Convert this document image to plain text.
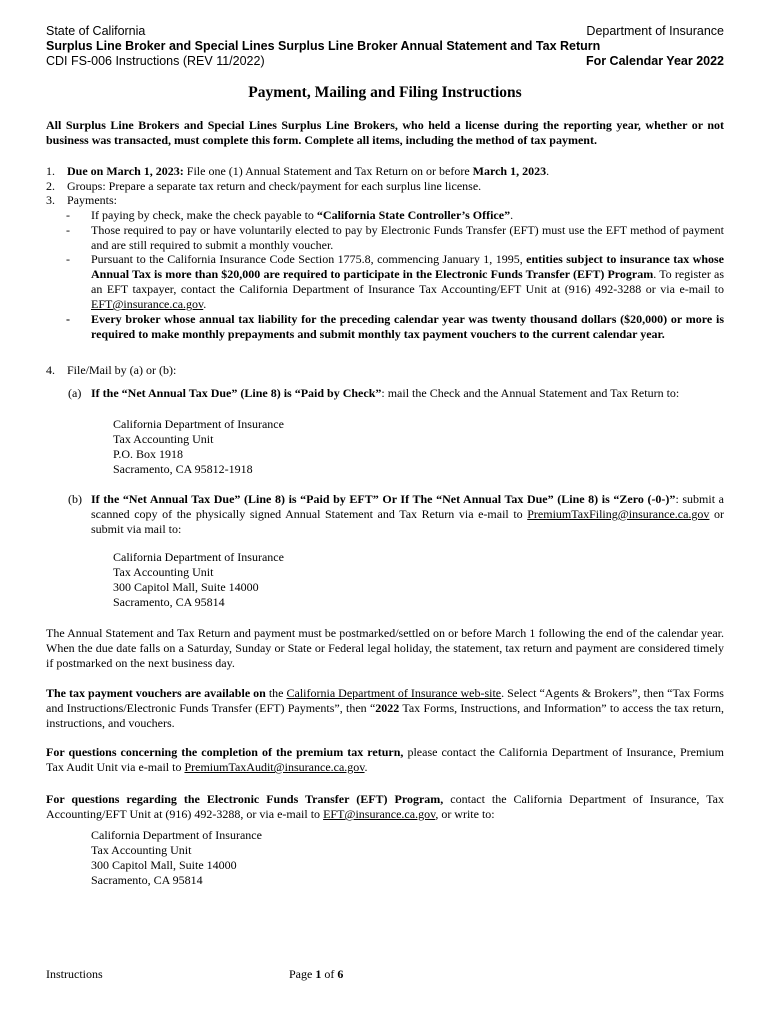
State of California	Department of Insurance
Surplus Line Broker and Special Lines Surplus Line Broker Annual Statement and Tax Return
CDI FS-006 Instructions (REV 11/2022)	For Calendar Year 2022
Payment, Mailing and Filing Instructions
All Surplus Line Brokers and Special Lines Surplus Line Brokers, who held a license during the reporting year, whether or not business was transacted, must complete this form. Complete all items, including the method of tax payment.
1. Due on March 1, 2023: File one (1) Annual Statement and Tax Return on or before March 1, 2023.
2. Groups: Prepare a separate tax return and check/payment for each surplus line license.
3. Payments:
- If paying by check, make the check payable to “California State Controller’s Office”.
- Those required to pay or have voluntarily elected to pay by Electronic Funds Transfer (EFT) must use the EFT method of payment and are still required to submit a monthly voucher.
- Pursuant to the California Insurance Code Section 1775.8, commencing January 1, 1995, entities subject to insurance tax whose Annual Tax is more than $20,000 are required to participate in the Electronic Funds Transfer (EFT) Program. To register as an EFT taxpayer, contact the California Department of Insurance Tax Accounting/EFT Unit at (916) 492-3288 or via e-mail to EFT@insurance.ca.gov.
- Every broker whose annual tax liability for the preceding calendar year was twenty thousand dollars ($20,000) or more is required to make monthly prepayments and submit monthly tax payment vouchers to the current calendar year.
4. File/Mail by (a) or (b):
(a) If the “Net Annual Tax Due” (Line 8) is “Paid by Check”: mail the Check and the Annual Statement and Tax Return to:
California Department of Insurance
Tax Accounting Unit
P.O. Box 1918
Sacramento, CA 95812-1918
(b) If the “Net Annual Tax Due” (Line 8) is “Paid by EFT” Or If The “Net Annual Tax Due” (Line 8) is “Zero (-0-)”: submit a scanned copy of the physically signed Annual Statement and Tax Return via e-mail to PremiumTaxFiling@insurance.ca.gov or submit via mail to:
California Department of Insurance
Tax Accounting Unit
300 Capitol Mall, Suite 14000
Sacramento, CA 95814
The Annual Statement and Tax Return and payment must be postmarked/settled on or before March 1 following the end of the calendar year. When the due date falls on a Saturday, Sunday or State or Federal legal holiday, the statement, tax return and payment are considered timely if postmarked on the next business day.
The tax payment vouchers are available on the California Department of Insurance web-site. Select “Agents & Brokers”, then “Tax Forms and Instructions/Electronic Funds Transfer (EFT) Payments”, then “2022 Tax Forms, Instructions, and Information” to access the tax return, instructions, and vouchers.
For questions concerning the completion of the premium tax return, please contact the California Department of Insurance, Premium Tax Audit Unit via e-mail to PremiumTaxAudit@insurance.ca.gov.
For questions regarding the Electronic Funds Transfer (EFT) Program, contact the California Department of Insurance, Tax Accounting/EFT Unit at (916) 492-3288, or via e-mail to EFT@insurance.ca.gov, or write to:
California Department of Insurance
Tax Accounting Unit
300 Capitol Mall, Suite 14000
Sacramento, CA 95814
Instructions	Page 1 of 6
